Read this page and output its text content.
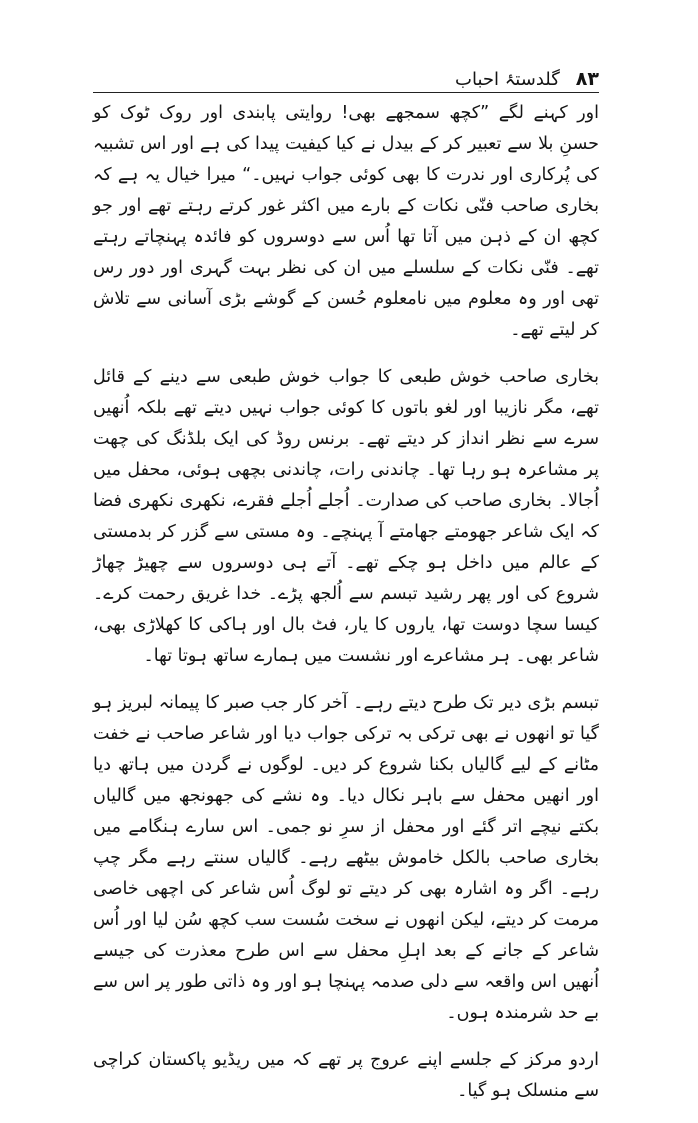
۸۳
گلدستۂ احباب

اور کہنے لگے ”کچھ سمجھے بھی! روایتی پابندی اور روک ٹوک کو حسنِ بلا سے تعبیر کر کے بیدل نے کیا کیفیت پیدا کی ہے اور اس تشبیہ کی پُرکاری اور ندرت کا بھی کوئی جواب نہیں۔“ میرا خیال یہ ہے کہ بخاری صاحب فنّی نکات کے بارے میں اکثر غور کرتے رہتے تھے اور جو کچھ ان کے ذہن میں آتا تھا اُس سے دوسروں کو فائدہ پہنچاتے رہتے تھے۔ فنّی نکات کے سلسلے میں ان کی نظر بہت گہری اور دور رس تھی اور وہ معلوم میں نامعلوم حُسن کے گوشے بڑی آسانی سے تلاش کر لیتے تھے۔

بخاری صاحب خوش طبعی کا جواب خوش طبعی سے دینے کے قائل تھے، مگر نازیبا اور لغو باتوں کا کوئی جواب نہیں دیتے تھے بلکہ اُنھیں سرے سے نظر انداز کر دیتے تھے۔ برنس روڈ کی ایک بلڈنگ کی چھت پر مشاعرہ ہو رہا تھا۔ چاندنی رات، چاندنی بچھی ہوئی، محفل میں اُجالا۔ بخاری صاحب کی صدارت۔ اُجلے اُجلے فقرے، نکھری نکھری فضا کہ ایک شاعر جھومتے جھامتے آ پہنچے۔ وہ مستی سے گزر کر بدمستی کے عالم میں داخل ہو چکے تھے۔ آتے ہی دوسروں سے چھیڑ چھاڑ شروع کی اور پھر رشید تبسم سے اُلجھ پڑے۔ خدا غریق رحمت کرے۔ کیسا سچا دوست تھا، یاروں کا یار، فٹ بال اور ہاکی کا کھلاڑی بھی، شاعر بھی۔ ہر مشاعرے اور نشست میں ہمارے ساتھ ہوتا تھا۔

تبسم بڑی دیر تک طرح دیتے رہے۔ آخر کار جب صبر کا پیمانہ لبریز ہو گیا تو انھوں نے بھی ترکی بہ ترکی جواب دیا اور شاعر صاحب نے خفت مٹانے کے لیے گالیاں بکنا شروع کر دیں۔ لوگوں نے گردن میں ہاتھ دیا اور انھیں محفل سے باہر نکال دیا۔ وہ نشے کی جھونجھ میں گالیاں بکتے نیچے اتر گئے اور محفل از سرِ نو جمی۔ اس سارے ہنگامے میں بخاری صاحب بالکل خاموش بیٹھے رہے۔ گالیاں سنتے رہے مگر چپ رہے۔ اگر وہ اشارہ بھی کر دیتے تو لوگ اُس شاعر کی اچھی خاصی مرمت کر دیتے، لیکن انھوں نے سخت سُست سب کچھ سُن لیا اور اُس شاعر کے جانے کے بعد اہلِ محفل سے اس طرح معذرت کی جیسے اُنھیں اس واقعہ سے دلی صدمہ پہنچا ہو اور وہ ذاتی طور پر اس سے بے حد شرمندہ ہوں۔

اردو مرکز کے جلسے اپنے عروج پر تھے کہ میں ریڈیو پاکستان کراچی سے منسلک ہو گیا۔
